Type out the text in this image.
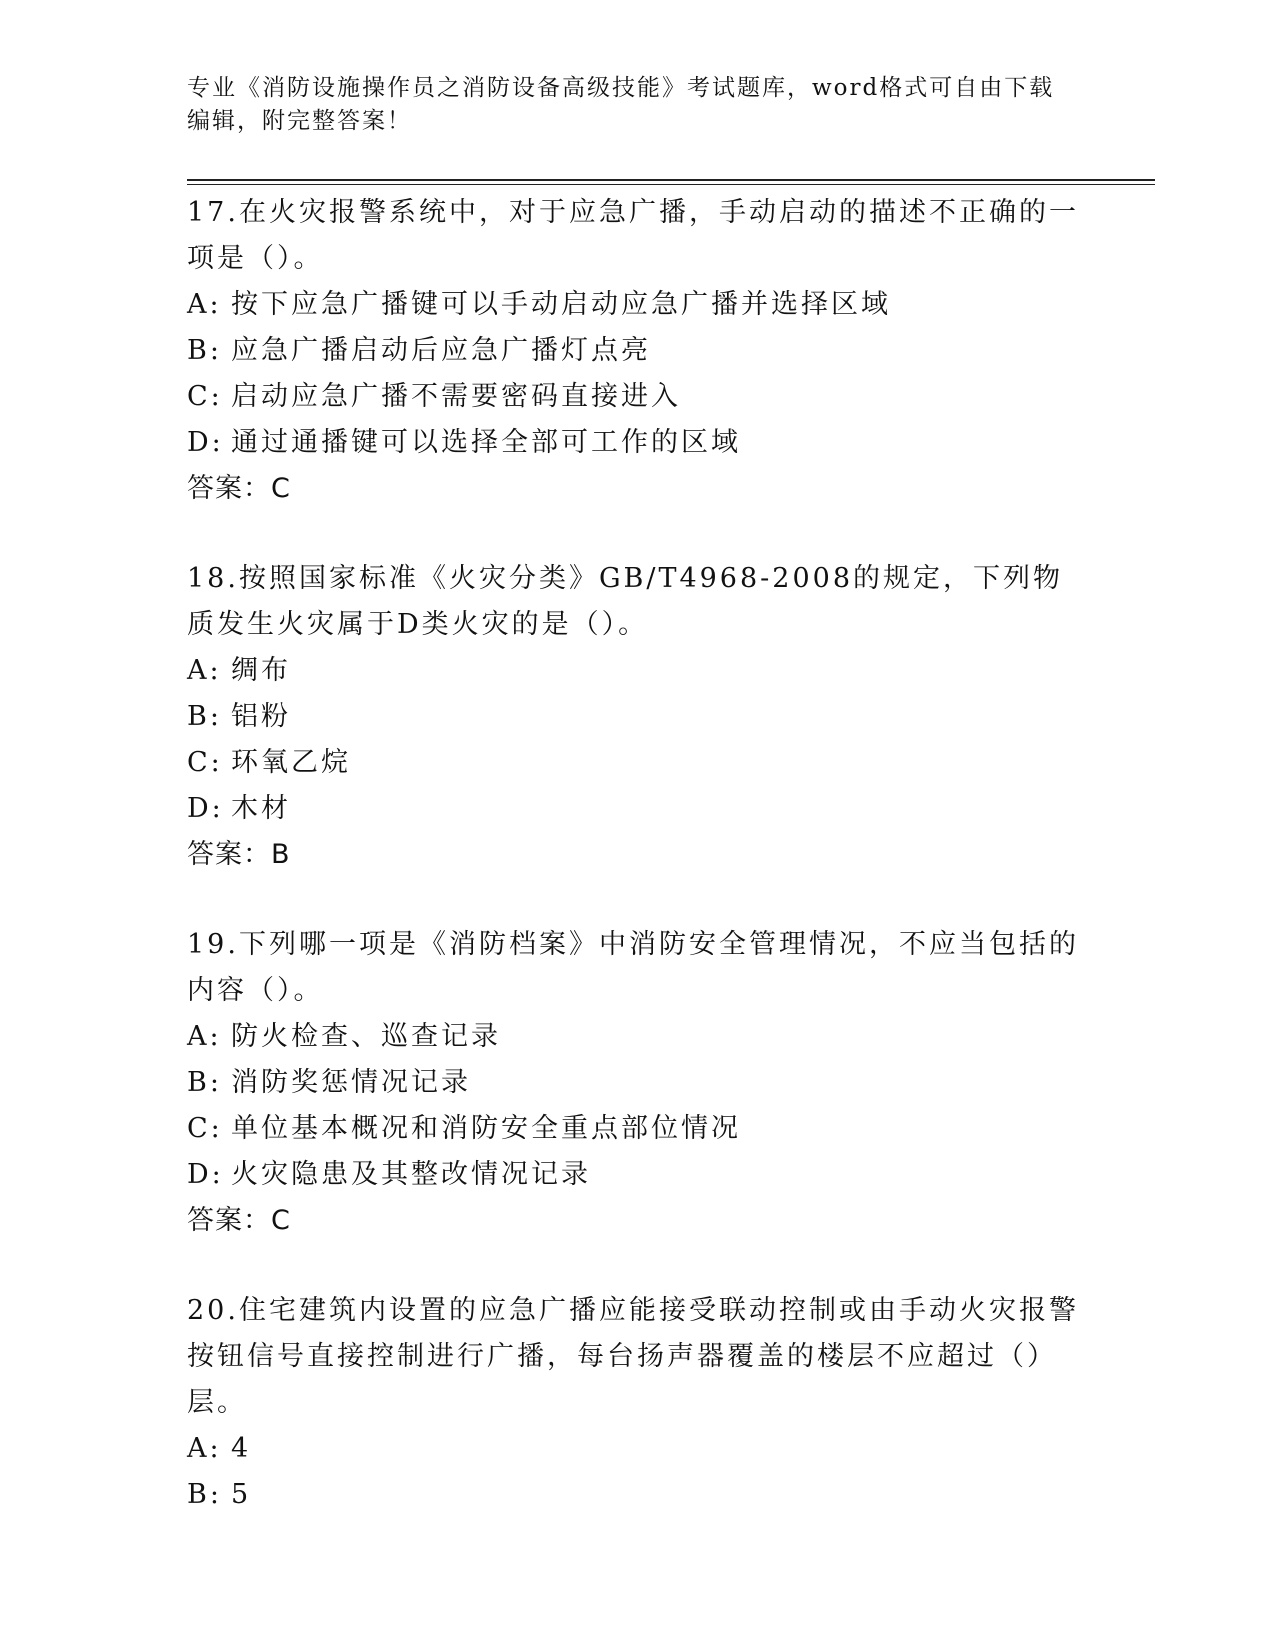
专业《消防设施操作员之消防设备高级技能》考试题库，word格式可自由下载编辑，附完整答案！

17.在火灾报警系统中，对于应急广播，手动启动的描述不正确的一项是（）。

A: 按下应急广播键可以手动启动应急广播并选择区域

B: 应急广播启动后应急广播灯点亮

C: 启动应急广播不需要密码直接进入

D: 通过通播键可以选择全部可工作的区域

答案：C

18.按照国家标准《火灾分类》GB/T4968-2008的规定，下列物质发生火灾属于D类火灾的是（）。

A: 绸布

B: 铝粉

C: 环氧乙烷

D: 木材

答案：B

19.下列哪一项是《消防档案》中消防安全管理情况，不应当包括的内容（）。

A: 防火检查、巡查记录

B: 消防奖惩情况记录

C: 单位基本概况和消防安全重点部位情况

D: 火灾隐患及其整改情况记录

答案：C

20.住宅建筑内设置的应急广播应能接受联动控制或由手动火灾报警按钮信号直接控制进行广播，每台扬声器覆盖的楼层不应超过（）层。

A: 4

B: 5
